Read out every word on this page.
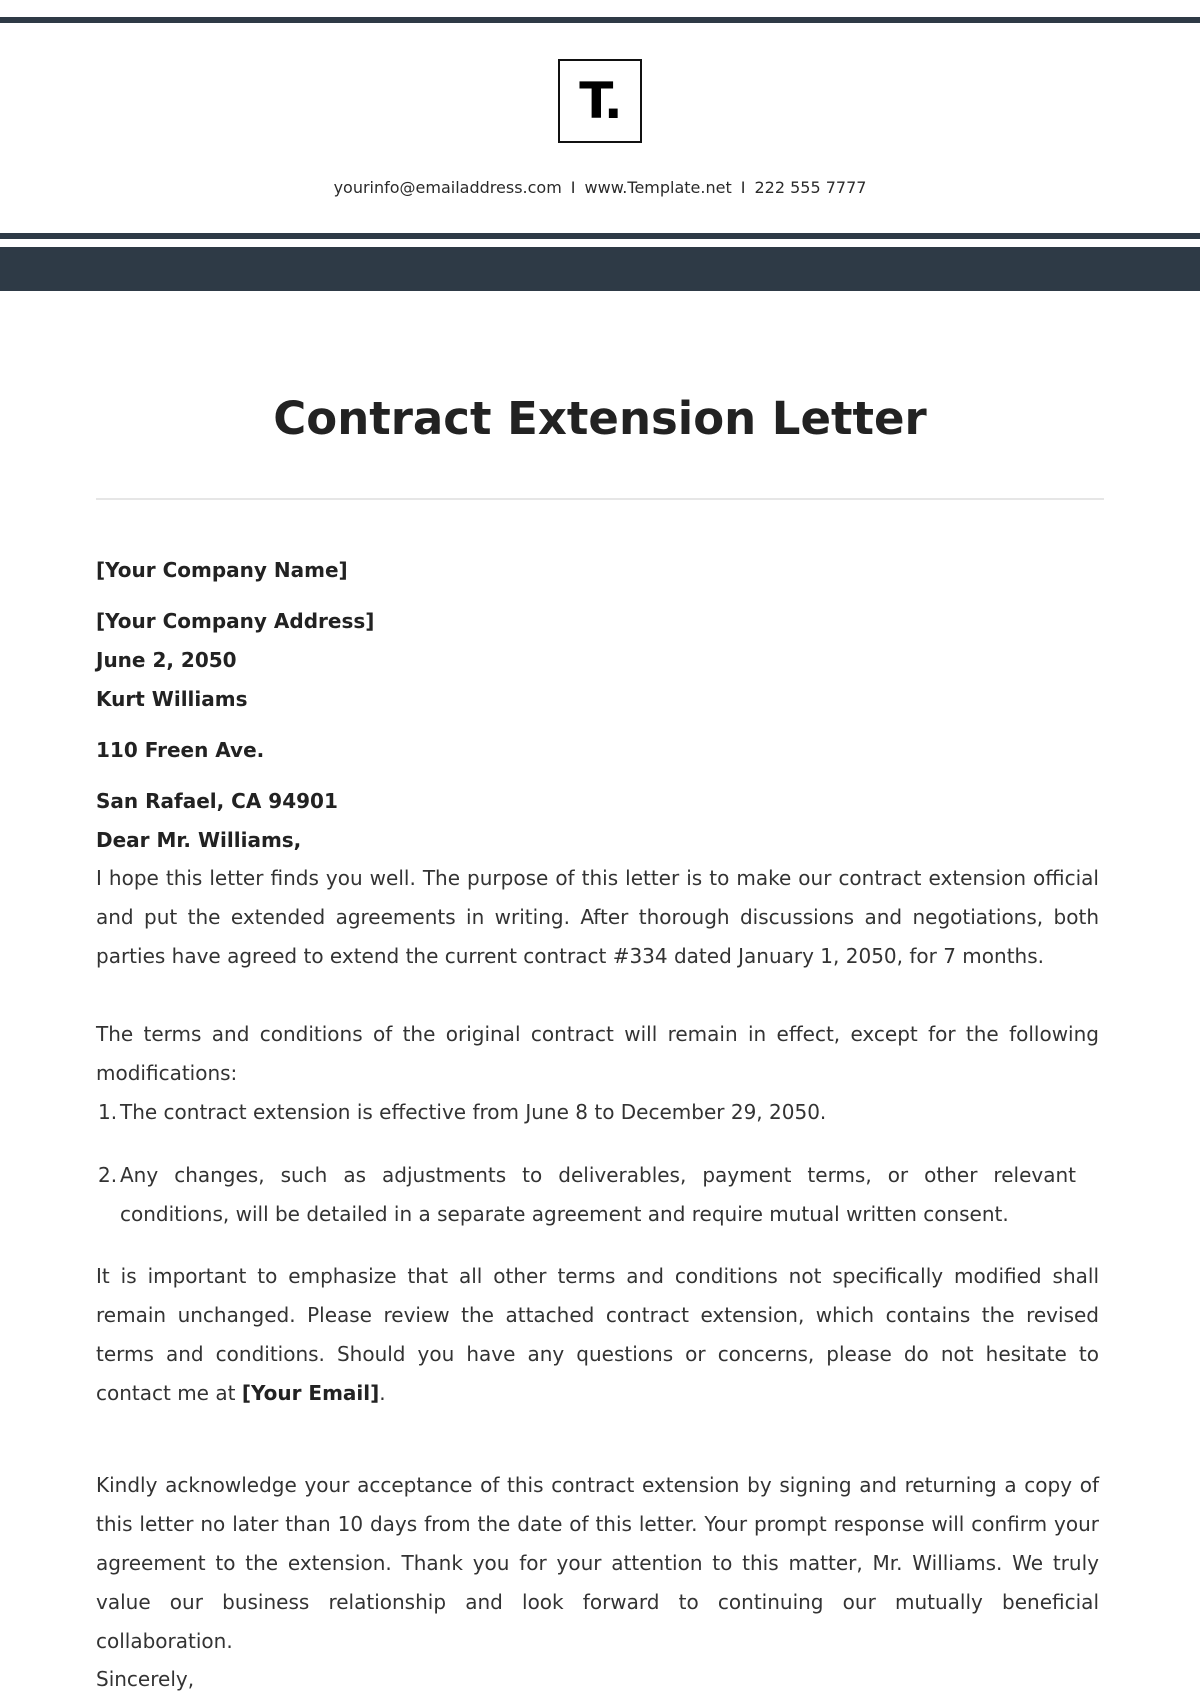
T.
yourinfo@emailaddress.com I www.Template.net I 222 555 7777
Contract Extension Letter
[Your Company Name]
[Your Company Address]
June 2, 2050
Kurt Williams
110 Freen Ave.
San Rafael, CA 94901
Dear Mr. Williams,

I hope this letter finds you well. The purpose of this letter is to make our contract extension official and put the extended agreements in writing. After thorough discussions and negotiations, both parties have agreed to extend the current contract #334 dated January 1, 2050, for 7 months.

The terms and conditions of the original contract will remain in effect, except for the following modifications:

1. The contract extension is effective from June 8 to December 29, 2050.
2. Any changes, such as adjustments to deliverables, payment terms, or other relevant conditions, will be detailed in a separate agreement and require mutual written consent.

It is important to emphasize that all other terms and conditions not specifically modified shall remain unchanged. Please review the attached contract extension, which contains the revised terms and conditions. Should you have any questions or concerns, please do not hesitate to contact me at [Your Email].

Kindly acknowledge your acceptance of this contract extension by signing and returning a copy of this letter no later than 10 days from the date of this letter. Your prompt response will confirm your agreement to the extension. Thank you for your attention to this matter, Mr. Williams. We truly value our business relationship and look forward to continuing our mutually beneficial collaboration.

Sincerely,
